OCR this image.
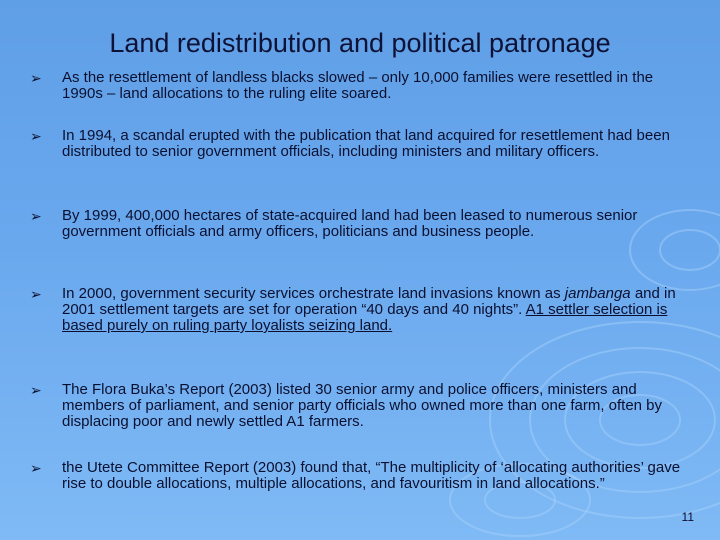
Land redistribution and political patronage
➢ As the resettlement of landless blacks slowed – only 10,000 families were resettled in the 1990s – land allocations to the ruling elite soared.
➢ In 1994, a scandal erupted with the publication that land acquired for resettlement had been distributed to senior government officials, including ministers and military officers.
➢ By 1999, 400,000 hectares of state-acquired land had been leased to numerous senior government officials and army officers, politicians and business people.
➢ In 2000, government security services orchestrate land invasions known as jambanga and in 2001 settlement targets are set for operation “40 days and 40 nights”. A1 settler selection is based purely on ruling party loyalists seizing land.
➢ The Flora Buka’s Report (2003) listed 30 senior army and police officers, ministers and members of parliament, and senior party officials who owned more than one farm, often by displacing poor and newly settled A1 farmers.
➢ the Utete Committee Report (2003) found that, “The multiplicity of ‘allocating authorities’ gave rise to double allocations, multiple allocations, and favouritism in land allocations.”
11
